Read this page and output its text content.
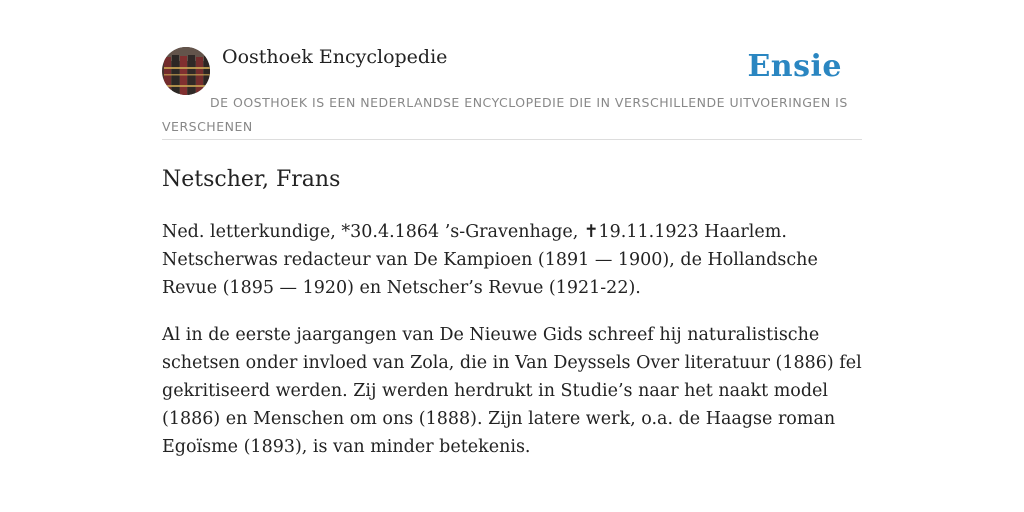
Oosthoek Encyclopedie	Ensie
DE OOSTHOEK IS EEN NEDERLANDSE ENCYCLOPEDIE DIE IN VERSCHILLENDE UITVOERINGEN IS VERSCHENEN
Netscher, Frans

Ned. letterkundige, *30.4.1864 ’s-Gravenhage, ✝19.11.1923 Haarlem. Netscherwas redacteur van De Kampioen (1891 — 1900), de Hollandsche Revue (1895 — 1920) en Netscher’s Revue (1921-22).

Al in de eerste jaargangen van De Nieuwe Gids schreef hij naturalistische schetsen onder invloed van Zola, die in Van Deyssels Over literatuur (1886) fel gekritiseerd werden. Zij werden herdrukt in Studie’s naar het naakt model (1886) en Menschen om ons (1888). Zijn latere werk, o.a. de Haagse roman Egoïsme (1893), is van minder betekenis.
